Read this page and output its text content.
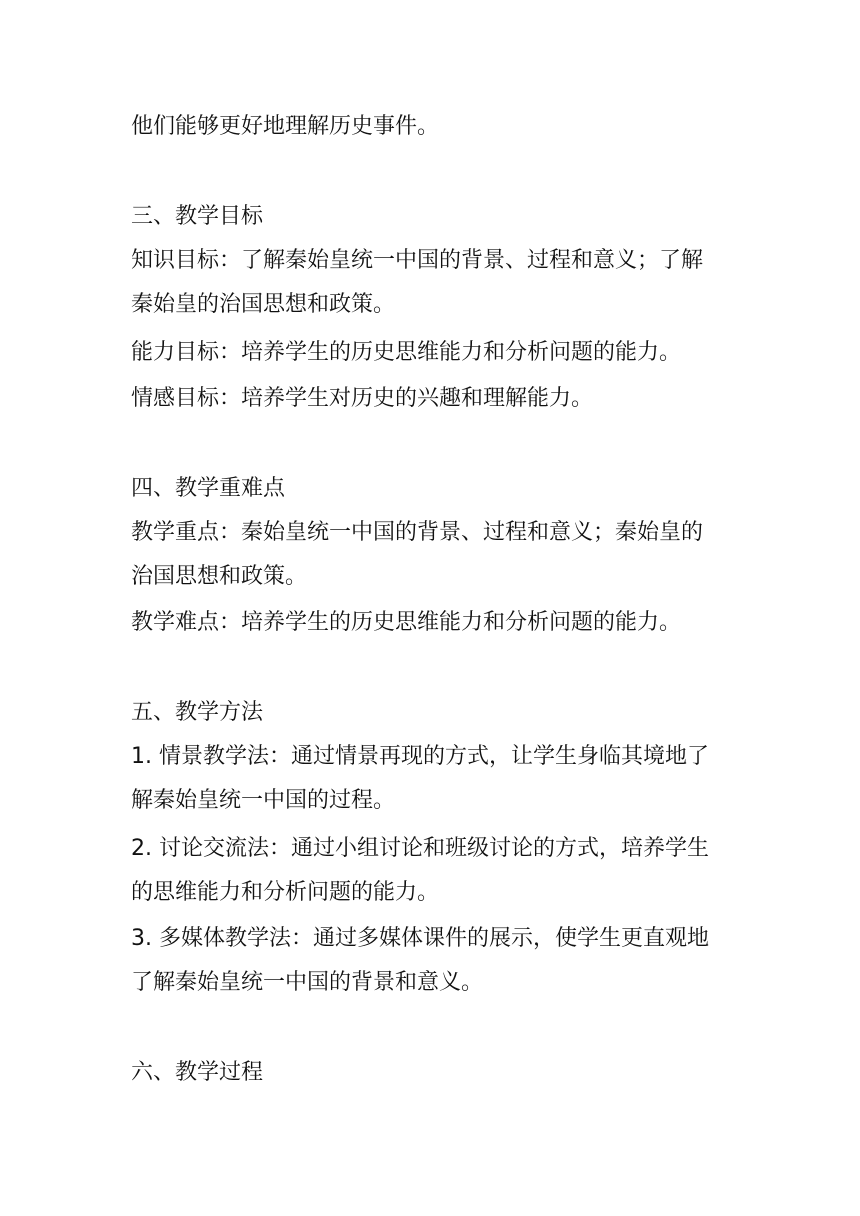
他们能够更好地理解历史事件。
三、教学目标
知识目标：了解秦始皇统一中国的背景、过程和意义；了解
秦始皇的治国思想和政策。
能力目标：培养学生的历史思维能力和分析问题的能力。
情感目标：培养学生对历史的兴趣和理解能力。
四、教学重难点
教学重点：秦始皇统一中国的背景、过程和意义；秦始皇的
治国思想和政策。
教学难点：培养学生的历史思维能力和分析问题的能力。
五、教学方法
1. 情景教学法：通过情景再现的方式，让学生身临其境地了
解秦始皇统一中国的过程。
2. 讨论交流法：通过小组讨论和班级讨论的方式，培养学生
的思维能力和分析问题的能力。
3. 多媒体教学法：通过多媒体课件的展示，使学生更直观地
了解秦始皇统一中国的背景和意义。
六、教学过程
